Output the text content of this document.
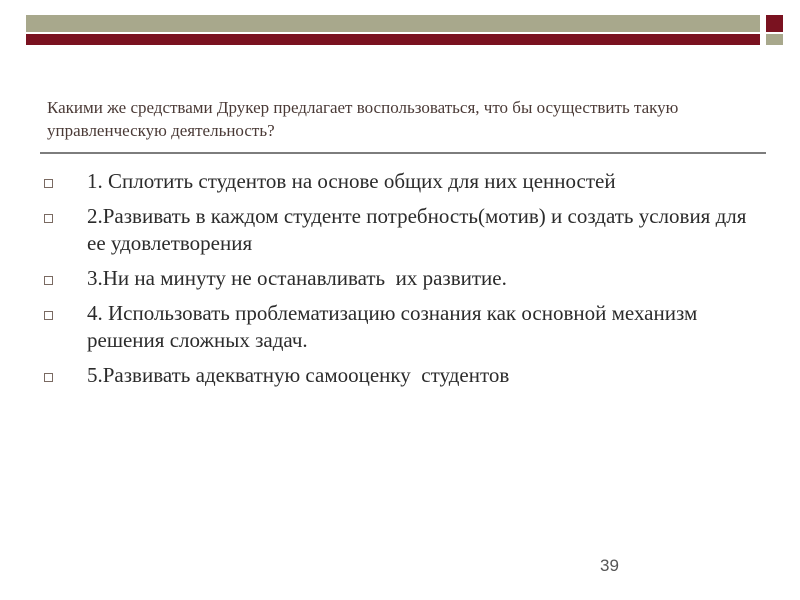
Какими же средствами Друкер предлагает воспользоваться, что бы осуществить такую управленческую деятельность?

1. Сплотить студентов на основе общих для них ценностей
2.Развивать в каждом студенте потребность(мотив) и создать условия для ее удовлетворения
3.Ни на минуту не останавливать  их развитие.
4. Использовать проблематизацию сознания как основной механизм решения сложных задач.
5.Развивать адекватную самооценку  студентов
39
